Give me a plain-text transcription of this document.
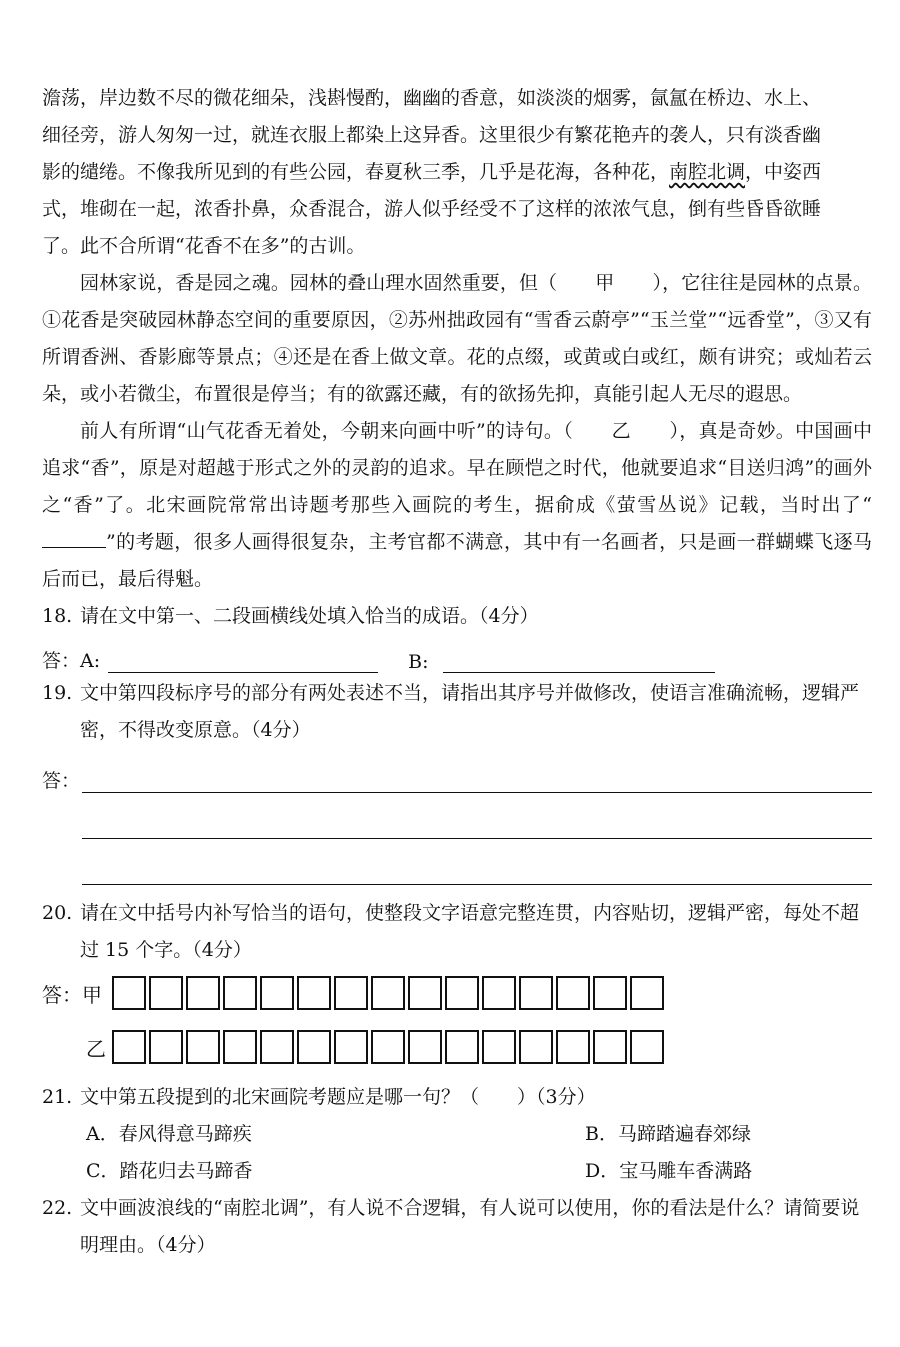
澹荡，岸边数不尽的微花细朵，浅斟慢酌，幽幽的香意，如淡淡的烟雾，氤氲在桥边、水上、

细径旁，游人匆匆一过，就连衣服上都染上这异香。这里很少有繁花艳卉的袭人，只有淡香幽

影的缱绻。不像我所见到的有些公园，春夏秋三季，几乎是花海，各种花，南腔北调，中姿西

式，堆砌在一起，浓香扑鼻，众香混合，游人似乎经受不了这样的浓浓气息，倒有些昏昏欲睡

了。此不合所谓“花香不在多”的古训。

园林家说，香是园之魂。园林的叠山理水固然重要，但（　　甲　　），它往往是园林的点景。①花香是突破园林静态空间的重要原因，②苏州拙政园有“雪香云蔚亭”“玉兰堂”“远香堂”，③又有所谓香洲、香影廊等景点；④还是在香上做文章。花的点缀，或黄或白或红，颇有讲究；或灿若云朵，或小若微尘，布置很是停当；有的欲露还藏，有的欲扬先抑，真能引起人无尽的遐思。

前人有所谓“山气花香无着处，今朝来向画中听”的诗句。（　　乙　　），真是奇妙。中国画中追求“香”，原是对超越于形式之外的灵韵的追求。早在顾恺之时代，他就要追求“目送归鸿”的画外之“香”了。北宋画院常常出诗题考那些入画院的考生，据俞成《萤雪丛说》记载，当时出了“”的考题，很多人画得很复杂，主考官都不满意，其中有一名画者，只是画一群蝴蝶飞逐马后而已，最后得魁。

18. 请在文中第一、二段画横线处填入恰当的成语。（4分）

答：A:	B:
19. 文中第四段标序号的部分有两处表述不当，请指出其序号并做修改，使语言准确流畅，逻辑严密，不得改变原意。（4分）

答：
20. 请在文中括号内补写恰当的语句，使整段文字语意完整连贯，内容贴切，逻辑严密，每处不超过 15 个字。（4分）

答：甲
乙

21. 文中第五段提到的北宋画院考题应是哪一句？（　　）（3分）

A．春风得意马蹄疾	B．马蹄踏遍春郊绿
C．踏花归去马蹄香	D．宝马雕车香满路
22. 文中画波浪线的“南腔北调”，有人说不合逻辑，有人说可以使用，你的看法是什么？请简要说明理由。（4分）
